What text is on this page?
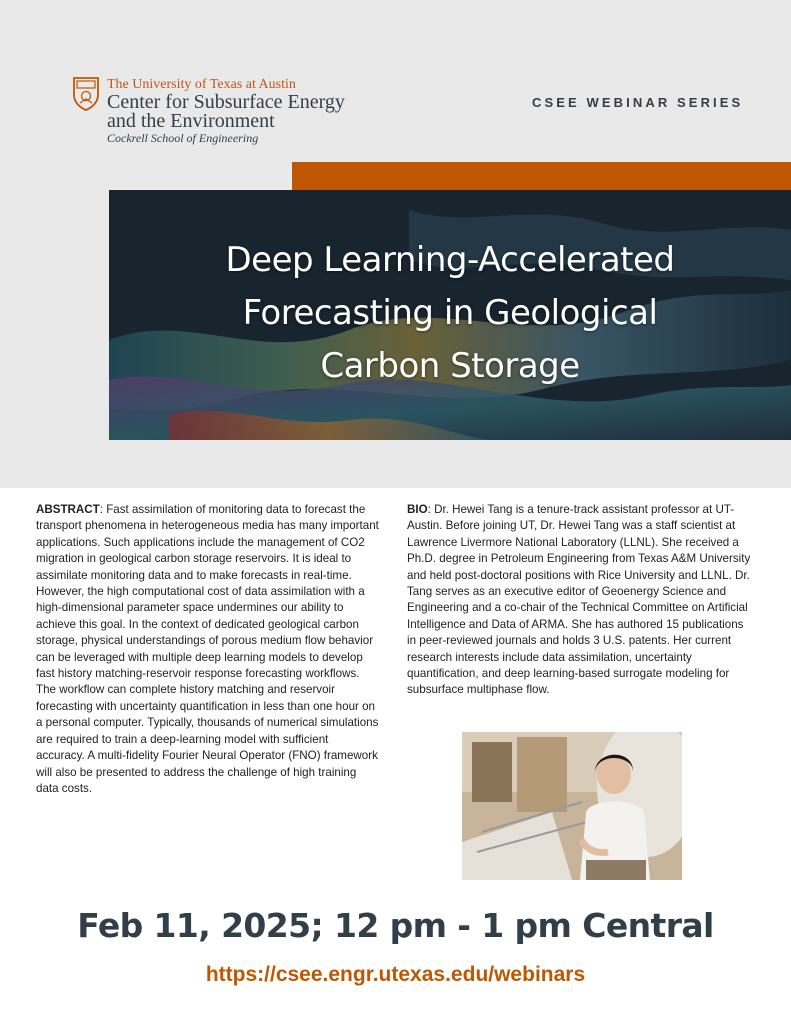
The University of Texas at Austin
Center for Subsurface Energy
and the Environment
Cockrell School of Engineering
CSEE WEBINAR SERIES
Deep Learning-Accelerated
Forecasting in Geological
Carbon Storage
ABSTRACT: Fast assimilation of monitoring data to forecast the transport phenomena in heterogeneous media has many important applications. Such applications include the management of CO2 migration in geological carbon storage reservoirs. It is ideal to assimilate monitoring data and to make forecasts in real-time. However, the high computational cost of data assimilation with a high-dimensional parameter space undermines our ability to achieve this goal. In the context of dedicated geological carbon storage, physical understandings of porous medium flow behavior can be leveraged with multiple deep learning models to develop fast history matching-reservoir response forecasting workflows. The workflow can complete history matching and reservoir forecasting with uncertainty quantification in less than one hour on a personal computer. Typically, thousands of numerical simulations are required to train a deep-learning model with sufficient accuracy. A multi-fidelity Fourier Neural Operator (FNO) framework will also be presented to address the challenge of high training data costs.
BIO: Dr. Hewei Tang is a tenure-track assistant professor at UT-Austin. Before joining UT, Dr. Hewei Tang was a staff scientist at Lawrence Livermore National Laboratory (LLNL). She received a Ph.D. degree in Petroleum Engineering from Texas A&M University and held post-doctoral positions with Rice University and LLNL. Dr. Tang serves as an executive editor of Geoenergy Science and Engineering and a co-chair of the Technical Committee on Artificial Intelligence and Data of ARMA. She has authored 15 publications in peer-reviewed journals and holds 3 U.S. patents. Her current research interests include data assimilation, uncertainty quantification, and deep learning-based surrogate modeling for subsurface multiphase flow.
Feb 11, 2025; 12 pm - 1 pm Central
https://csee.engr.utexas.edu/webinars
